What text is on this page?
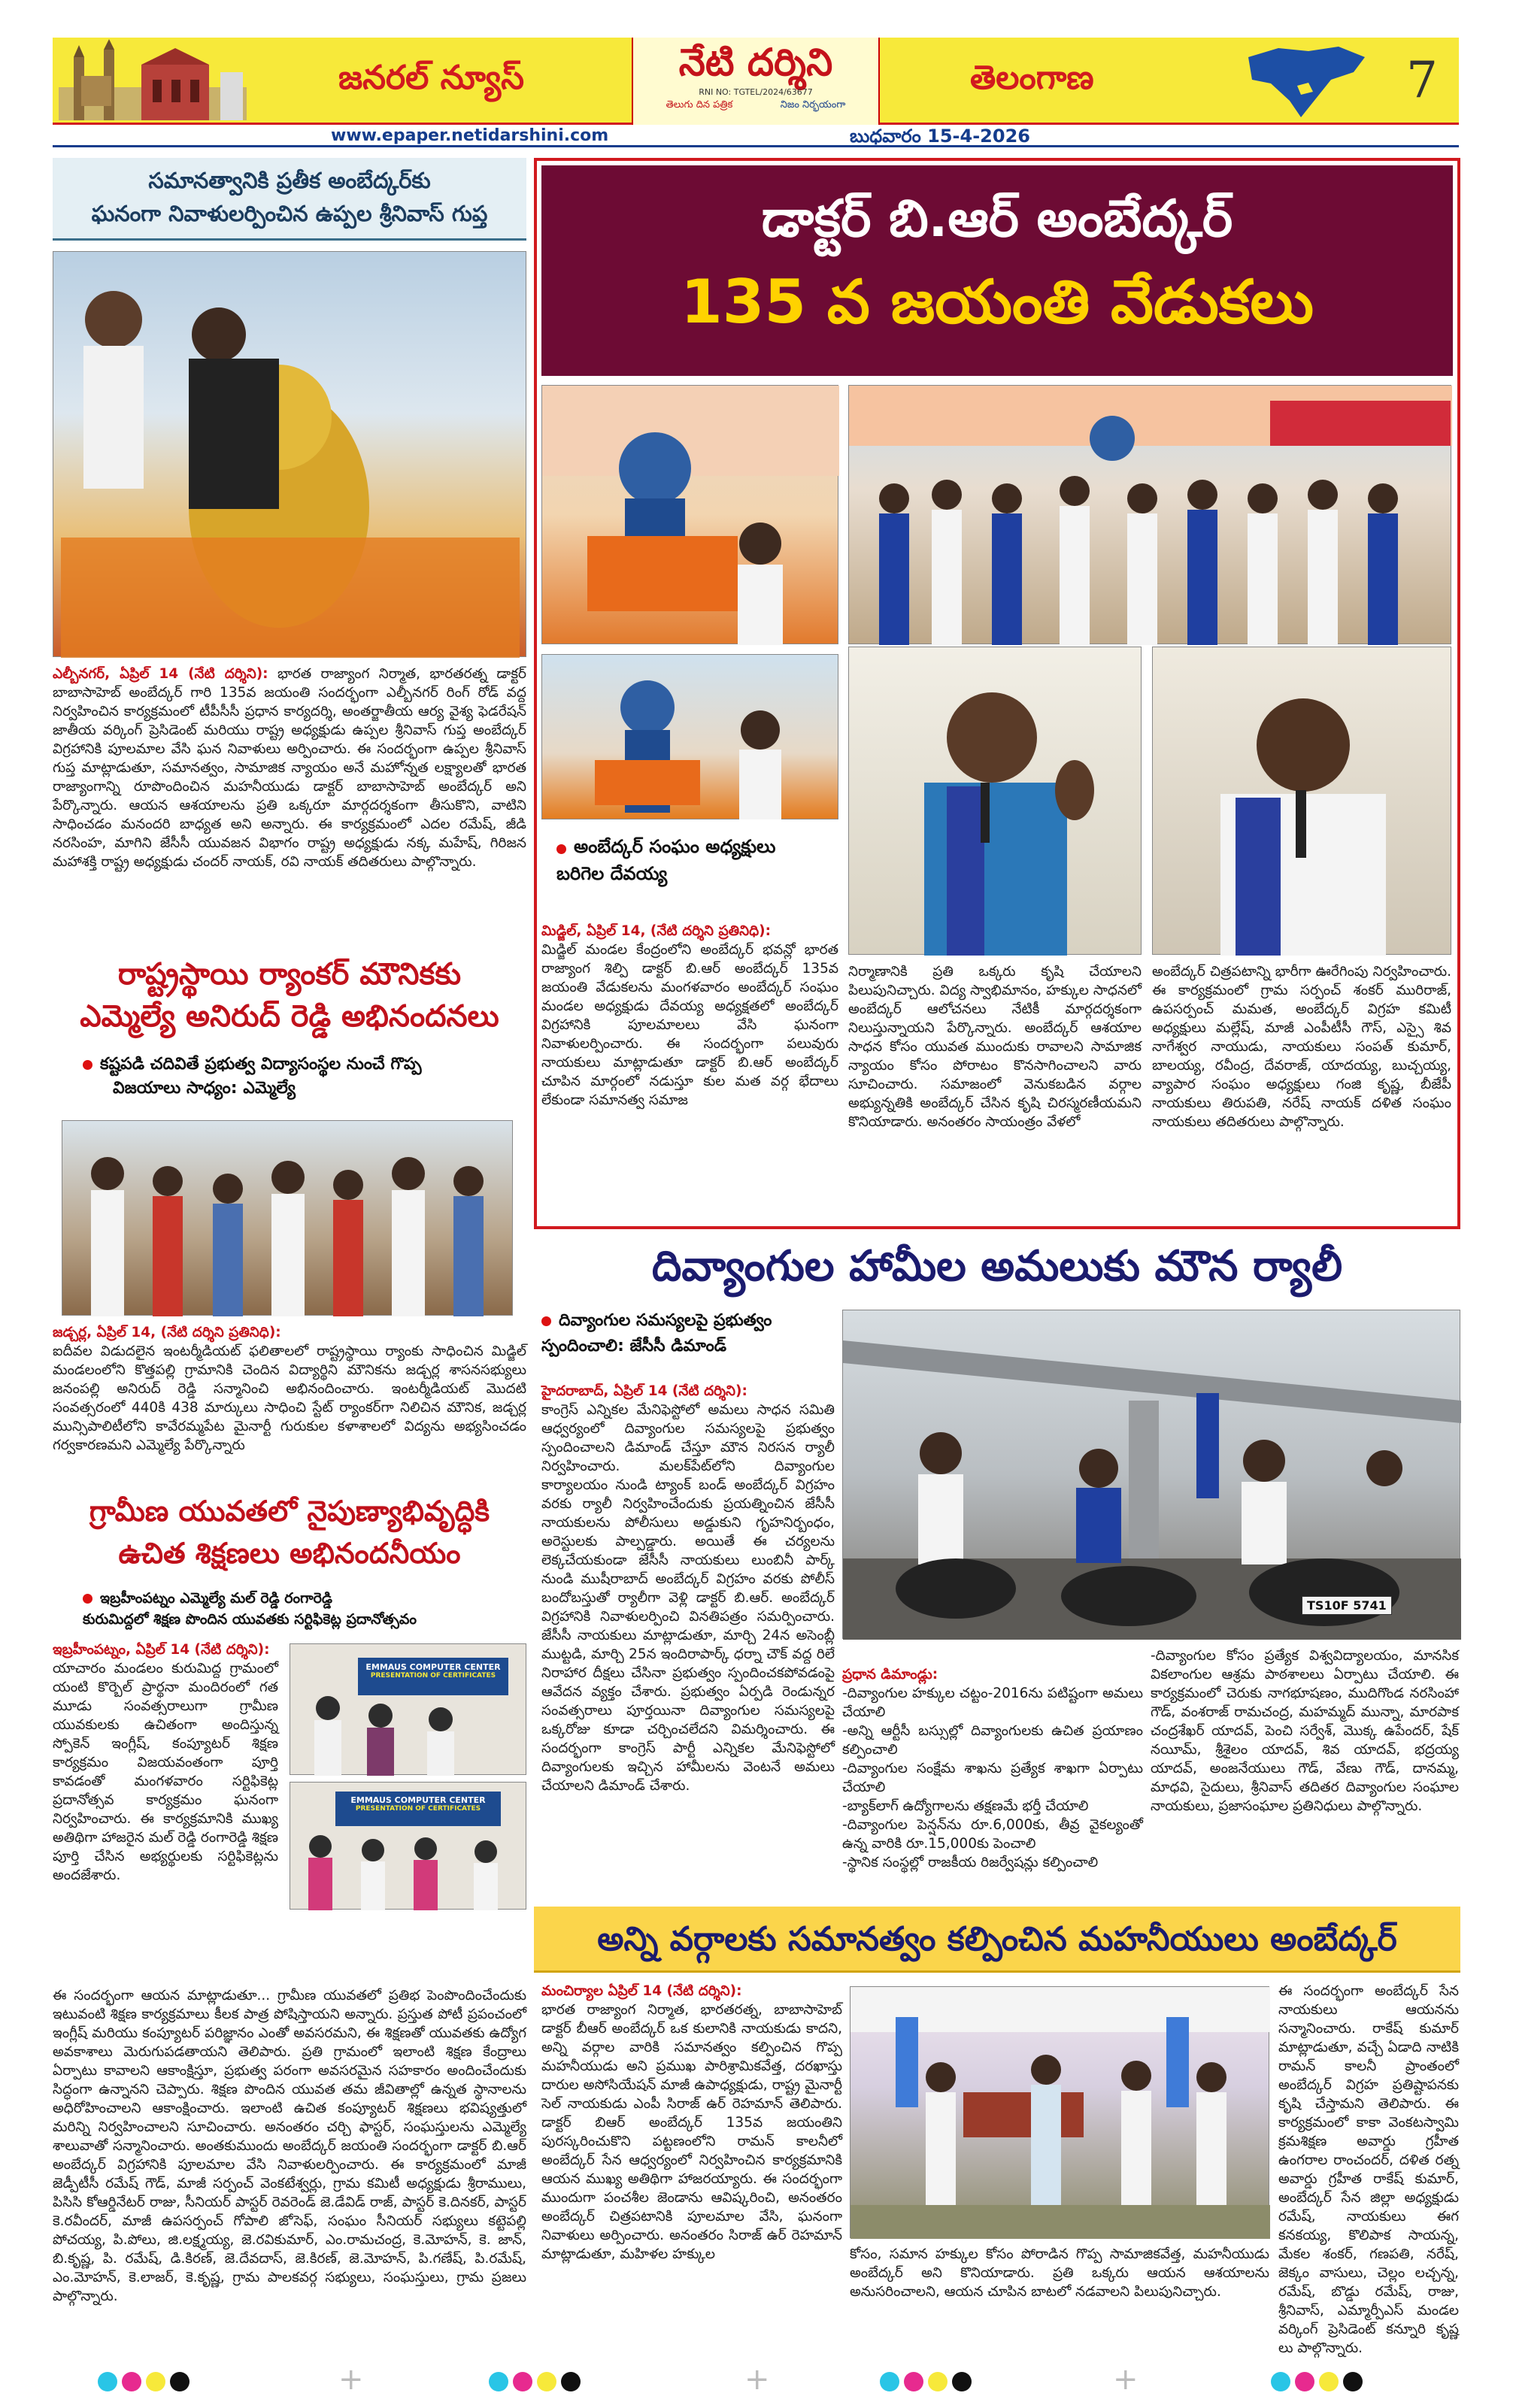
జనరల్ న్యూస్	నేటి దర్శిని
RNI NO: TGTEL/2024/63677
తెలుగు దిన పత్రిక	నిజం నిర్భయంగా
తెలంగాణ	7
www.epaper.netidarshini.com	బుధవారం 15-4-2026
సమానత్వానికి ప్రతీక అంబేద్కర్‌కు
ఘనంగా నివాళులర్పించిన ఉప్పల శ్రీనివాస్ గుప్త
ఎల్బీనగర్, ఏప్రిల్ 14 (నేటి దర్శిని): భారత రాజ్యాంగ నిర్మాత, భారతరత్న డాక్టర్ బాబాసాహెబ్ అంబేద్కర్ గారి 135వ జయంతి సందర్భంగా ఎల్బీనగర్ రింగ్ రోడ్ వద్ద నిర్వహించిన కార్యక్రమంలో టీపీసీసీ ప్రధాన కార్యదర్శి, అంతర్జాతీయ ఆర్య వైశ్య ఫెడరేషన్ జాతీయ వర్కింగ్ ప్రెసిడెంట్ మరియు రాష్ట్ర అధ్యక్షుడు ఉప్పల శ్రీనివాస్ గుప్త అంబేద్కర్ విగ్రహానికి పూలమాల వేసి ఘన నివాళులు అర్పించారు. ఈ సందర్భంగా ఉప్పల శ్రీనివాస్ గుప్త మాట్లాడుతూ, సమానత్వం, సామాజిక న్యాయం అనే మహోన్నత లక్ష్యాలతో భారత రాజ్యాంగాన్ని రూపొందించిన మహనీయుడు డాక్టర్ బాబాసాహెబ్ అంబేద్కర్ అని పేర్కొన్నారు. ఆయన ఆశయాలను ప్రతి ఒక్కరూ మార్గదర్శకంగా తీసుకొని, వాటిని సాధించడం మనందరి బాధ్యత అని అన్నారు. ఈ కార్యక్రమంలో ఎదల రమేష్, జీడి నరసింహ, మాగిని జేసీసీ యువజన విభాగం రాష్ట్ర అధ్యక్షుడు నక్క మహేష్, గిరిజన మహాశక్తి రాష్ట్ర అధ్యక్షుడు చందర్ నాయక్, రవి నాయక్ తదితరులు పాల్గొన్నారు.
రాష్ట్రస్థాయి ర్యాంకర్ మౌనికకు
ఎమ్మెల్యే అనిరుద్ రెడ్డి అభినందనలు
కష్టపడి చదివితే ప్రభుత్వ విద్యాసంస్థల నుంచే గొప్ప
విజయాలు సాధ్యం: ఎమ్మెల్యే
జడ్చర్ల, ఏప్రిల్ 14, (నేటి దర్శిని ప్రతినిధి):
ఐదీవల విడుదలైన ఇంటర్మీడియట్ ఫలితాలలో రాష్ట్రస్థాయి ర్యాంకు సాధించిన మిడ్జిల్ మండలంలోని కొత్తపల్లి గ్రామానికి చెందిన విద్యార్థిని మౌనికను జడ్చర్ల శాసనసభ్యులు జనంపల్లి అనిరుద్ రెడ్డి సన్మానించి అభినందించారు. ఇంటర్మీడియట్ మొదటి సంవత్సరంలో 440కి 438 మార్కులు సాధించి స్టేట్ ర్యాంకర్‌గా నిలిచిన మౌనిక, జడ్చర్ల మున్సిపాలిటీలోని కావేరమ్మపేట మైనార్టీ గురుకుల కళాశాలలో విద్యను అభ్యసించడం గర్వకారణమని ఎమ్మెల్యే పేర్కొన్నారు
గ్రామీణ యువతలో నైపుణ్యాభివృద్ధికి
ఉచిత శిక్షణలు అభినందనీయం
ఇబ్రహీంపట్నం ఎమ్మెల్యే మల్ రెడ్డి రంగారెడ్డి
కురుమిద్దలో శిక్షణ పొందిన యువతకు సర్టిఫికెట్ల ప్రదానోత్సవం
ఇబ్రహీంపట్నం, ఏప్రిల్ 14 (నేటి దర్శిని):
యాచారం మండలం కురుమిద్ద గ్రామంలో యంటి కొర్బెల్ ప్రార్థనా మందిరంలో గత మూడు సంవత్సరాలుగా గ్రామీణ యువకులకు ఉచితంగా అందిస్తున్న స్పోకెన్ ఇంగ్లీష్, కంప్యూటర్ శిక్షణ కార్యక్రమం విజయవంతంగా పూర్తి కావడంతో మంగళవారం సర్టిఫికెట్ల ప్రదానోత్సవ కార్యక్రమం ఘనంగా నిర్వహించారు. ఈ కార్యక్రమానికి ముఖ్య అతిథిగా హాజరైన మల్ రెడ్డి రంగారెడ్డి శిక్షణ పూర్తి చేసిన అభ్యర్థులకు సర్టిఫికెట్లను అందజేశారు.
EMMAUS COMPUTER CENTER
PRESENTATION OF CERTIFICATES
EMMAUS COMPUTER CENTER
PRESENTATION OF CERTIFICATES
ఈ సందర్భంగా ఆయన మాట్లాడుతూ... గ్రామీణ యువతలో ప్రతిభ పెంపొందించేందుకు ఇటువంటి శిక్షణ కార్యక్రమాలు కీలక పాత్ర పోషిస్తాయని అన్నారు. ప్రస్తుత పోటీ ప్రపంచంలో ఇంగ్లీష్ మరియు కంప్యూటర్ పరిజ్ఞానం ఎంతో అవసరమని, ఈ శిక్షణతో యువతకు ఉద్యోగ అవకాశాలు మెరుగుపడతాయని తెలిపారు. ప్రతి గ్రామంలో ఇలాంటి శిక్షణ కేంద్రాలు ఏర్పాటు కావాలని ఆకాంక్షిస్తూ, ప్రభుత్వ పరంగా అవసరమైన సహకారం అందించేందుకు సిద్ధంగా ఉన్నానని చెప్పారు. శిక్షణ పొందిన యువత తమ జీవితాల్లో ఉన్నత స్థానాలను అధిరోహించాలని ఆకాంక్షించారు. ఇలాంటి ఉచిత కంప్యూటర్ శిక్షణలు భవిష్యత్తులో మరిన్ని నిర్వహించాలని సూచించారు. అనంతరం చర్చి ఫాస్టర్, సంఘస్తులను ఎమ్మెల్యే శాలువాతో సన్మానించారు. అంతకుముందు అంబేద్కర్ జయంతి సందర్భంగా డాక్టర్ బి.ఆర్ అంబేద్కర్ విగ్రహానికి పూలమాల వేసి నివాళులర్పించారు. ఈ కార్యక్రమంలో మాజీ జెడ్పీటీసీ రమేష్ గౌడ్, మాజీ సర్పంచ్ వెంకటేశ్వర్లు, గ్రామ కమిటీ అధ్యక్షుడు శ్రీరాములు, పిసిసి కోఆర్డినేటర్ రాజు, సీనియర్ పాస్టర్ రెవరెండ్ జె.డేవిడ్ రాజ్, పాస్టర్ కె.దినకర్, పాస్టర్ కె.రవీందర్, మాజీ ఉపసర్పంచ్ గోపాలి జోసెఫ్, సంఘం సీనియర్ సభ్యులు కట్టెపల్లి పోచయ్య, పి.పోలు, జి.లక్ష్మయ్య, జె.రవికుమార్, ఎం.రామచంద్ర, కె.మోహన్, కె. జాన్, బి.కృష్ణ, పి. రమేష్, డి.కిరణ్, జె.దేవదాస్, జె.కిరణ్, జె.మోహన్, పి.గణేష్, పి.రమేష్, ఎం.మోహన్, కె.లాజర్, కె.కృష్ణ, గ్రామ పాలకవర్గ సభ్యులు, సంఘస్తులు, గ్రామ ప్రజలు పాల్గొన్నారు.
డాక్టర్ బి.ఆర్ అంబేద్కర్
135 వ జయంతి వేడుకలు
అంబేద్కర్ సంఘం అధ్యక్షులు బరిగెల దేవయ్య
మిడ్జిల్, ఏప్రిల్ 14, (నేటి దర్శిని ప్రతినిధి):
మిడ్జిల్ మండల కేంద్రంలోని అంబేద్కర్ భవన్లో భారత రాజ్యాంగ శిల్పి డాక్టర్ బి.ఆర్ అంబేద్కర్ 135వ జయంతి వేడుకలను మంగళవారం అంబేద్కర్ సంఘం మండల అధ్యక్షుడు దేవయ్య అధ్యక్షతలో అంబేద్కర్ విగ్రహానికి పూలమాలలు వేసి ఘనంగా నివాళులర్పించారు. ఈ సందర్భంగా పలువురు నాయకులు మాట్లాడుతూ డాక్టర్ బి.ఆర్ అంబేద్కర్ చూపిన మార్గంలో నడుస్తూ కుల మత వర్గ భేదాలు లేకుండా సమానత్వ సమాజ
నిర్మాణానికి ప్రతి ఒక్కరు కృషి చేయాలని పిలుపునిచ్చారు. విద్య స్వాభిమానం, హక్కుల సాధనలో అంబేద్కర్ ఆలోచనలు నేటికీ మార్గదర్శకంగా నిలుస్తున్నాయని పేర్కొన్నారు. అంబేద్కర్ ఆశయాల సాధన కోసం యువత ముందుకు రావాలని సామాజిక న్యాయం కోసం పోరాటం కొనసాగించాలని వారు సూచించారు. సమాజంలో వెనుకబడిన వర్గాల అభ్యున్నతికి అంబేద్కర్ చేసిన కృషి చిరస్మరణీయమని కొనియాడారు. అనంతరం సాయంత్రం వేళలో
అంబేద్కర్ చిత్రపటాన్ని భారీగా ఊరేగింపు నిర్వహించారు. ఈ కార్యక్రమంలో గ్రామ సర్పంచ్ శంకర్ మురిరాజ్, ఉపసర్పంచ్ మమత, అంబేద్కర్ విగ్రహ కమిటీ అధ్యక్షులు మల్లేష్, మాజీ ఎంపీటీసీ గౌస్, ఎస్సై శివ నాగేశ్వర నాయుడు, నాయకులు సంపత్ కుమార్, బాలయ్య, రవీంద్ర, దేవరాజ్, యాదయ్య, బుచ్చయ్య, వ్యాపార సంఘం అధ్యక్షులు గంజి కృష్ణ, బీజేపీ నాయకులు తిరుపతి, నరేష్ నాయక్ దళిత సంఘం నాయకులు తదితరులు పాల్గొన్నారు.
దివ్యాంగుల హామీల అమలుకు మౌన ర్యాలీ
దివ్యాంగుల సమస్యలపై ప్రభుత్వం
స్పందించాలి: జేసీసీ డిమాండ్
TS10F 5741
హైదరాబాద్, ఏప్రిల్ 14 (నేటి దర్శిని):
కాంగ్రెస్ ఎన్నికల మేనిఫెస్టోలో అమలు సాధన సమితి ఆధ్వర్యంలో దివ్యాంగుల సమస్యలపై ప్రభుత్వం స్పందించాలని డిమాండ్ చేస్తూ మౌన నిరసన ర్యాలీ నిర్వహించారు. మలక్‌పేట్‌లోని దివ్యాంగుల కార్యాలయం నుండి ట్యాంక్ బండ్ అంబేద్కర్ విగ్రహం వరకు ర్యాలీ నిర్వహించేందుకు ప్రయత్నించిన జేసీసీ నాయకులను పోలీసులు అడ్డుకుని గృహనిర్బంధం, అరెస్టులకు పాల్పడ్డారు. అయితే ఈ చర్యలను లెక్కచేయకుండా జేసీసీ నాయకులు లుంబినీ పార్క్ నుండి ముషీరాబాద్ అంబేద్కర్ విగ్రహం వరకు పోలీస్ బందోబస్తుతో ర్యాలీగా వెళ్లి డాక్టర్ బి.ఆర్. అంబేద్కర్ విగ్రహానికి నివాళులర్పించి వినతిపత్రం సమర్పించారు. జేసీసీ నాయకులు మాట్లాడుతూ, మార్చి 24న అసెంబ్లీ ముట్టడి, మార్చి 25న ఇందిరాపార్క్ ధర్నా చౌక్ వద్ద రిలే నిరాహార దీక్షలు చేసినా ప్రభుత్వం స్పందించకపోవడంపై ఆవేదన వ్యక్తం చేశారు. ప్రభుత్వం ఏర్పడి రెండున్నర సంవత్సరాలు పూర్తయినా దివ్యాంగుల సమస్యలపై ఒక్కరోజు కూడా చర్చించలేదని విమర్శించారు. ఈ సందర్భంగా కాంగ్రెస్ పార్టీ ఎన్నికల మేనిఫెస్టోలో దివ్యాంగులకు ఇచ్చిన హామీలను వెంటనే అమలు చేయాలని డిమాండ్ చేశారు.

ప్రధాన డిమాండ్లు:
-దివ్యాంగుల హక్కుల చట్టం-2016ను పటిష్టంగా అమలు చేయాలి
-అన్ని ఆర్టీసీ బస్సుల్లో దివ్యాంగులకు ఉచిత ప్రయాణం కల్పించాలి
-దివ్యాంగుల సంక్షేమ శాఖను ప్రత్యేక శాఖగా ఏర్పాటు చేయాలి
-బ్యాక్‌లాగ్ ఉద్యోగాలను తక్షణమే భర్తీ చేయాలి
-దివ్యాంగుల పెన్షన్‌ను రూ.6,000కు, తీవ్ర వైకల్యంతో ఉన్న వారికి రూ.15,000కు పెంచాలి
-స్థానిక సంస్థల్లో రాజకీయ రిజర్వేషన్లు కల్పించాలి

-దివ్యాంగుల కోసం ప్రత్యేక విశ్వవిద్యాలయం, మానసిక వికలాంగుల ఆశ్రమ పాఠశాలలు ఏర్పాటు చేయాలి. ఈ కార్యక్రమంలో చెరుకు నాగభూషణం, ముదిగొండ నరసింహా గౌడ్, వంశరాజ్ రామచంద్ర, మహమ్మద్ మున్నా, మారపాక చంద్రశేఖర్ యాదవ్, పెంచి సర్వేశ్, మొక్క ఉపేందర్, షేక్ నయీమ్, శ్రీశైలం యాదవ్, శివ యాదవ్, భద్రయ్య యాదవ్, అంజనేయులు గౌడ్, వేణు గౌడ్, దానమ్మ, మాధవి, సైదులు, శ్రీనివాస్ తదితర దివ్యాంగుల సంఘాల నాయకులు, ప్రజాసంఘాల ప్రతినిధులు పాల్గొన్నారు.
అన్ని వర్గాలకు సమానత్వం కల్పించిన మహనీయులు అంబేద్కర్
మంచిర్యాల ఏప్రిల్ 14 (నేటి దర్శిని):
భారత రాజ్యాంగ నిర్మాత, భారతరత్న, బాబాసాహెబ్ డాక్టర్ బీఆర్ అంబేద్కర్ ఒక కులానికి నాయకుడు కాదని, అన్ని వర్గాల వారికి సమానత్వం కల్పించిన గొప్ప మహనీయుడు అని ప్రముఖ పారిశ్రామికవేత్త, దరఖాస్తు దారుల అసోసియేషన్ మాజీ ఉపాధ్యక్షుడు, రాష్ట్ర మైనార్టీ సెల్ నాయకుడు ఎంపీ సిరాజ్ ఉర్ రెహమాన్ తెలిపారు. డాక్టర్ బిఆర్ అంబేద్కర్ 135వ జయంతిని పురస్కరించుకొని పట్టణంలోని రామన్ కాలనీలో అంబేద్కర్ సేన ఆధ్వర్యంలో నిర్వహించిన కార్యక్రమానికి ఆయన ముఖ్య అతిథిగా హాజరయ్యారు. ఈ సందర్భంగా ముందుగా పంచశీల జెండాను ఆవిష్కరించి, అనంతరం అంబేద్కర్ చిత్రపటానికి పూలమాల వేసి, ఘనంగా నివాళులు అర్పించారు. అనంతరం సిరాజ్ ఉర్ రెహమాన్ మాట్లాడుతూ, మహిళల హక్కుల	కోసం, సమాన హక్కుల కోసం పోరాడిన గొప్ప సామాజికవేత్త, మహనీయుడు అంబేద్కర్ అని కొనియాడారు. ప్రతి ఒక్కరు ఆయన ఆశయాలను అనుసరించాలని, ఆయన చూపిన బాటలో నడవాలని పిలుపునిచ్చారు.
ఈ సందర్భంగా అంబేద్కర్ సేన నాయకులు ఆయనను సన్మానించారు. రాకేష్ కుమార్ మాట్లాడుతూ, వచ్చే ఏడాది నాటికి రామన్ కాలనీ ప్రాంతంలో అంబేద్కర్ విగ్రహ ప్రతిష్టాపనకు కృషి చేస్తామని తెలిపారు. ఈ కార్యక్రమంలో కాకా వెంకటస్వామి క్రమశిక్షణ అవార్డు గ్రహీత ఉంగరాల రాంచందర్, దళిత రత్న అవార్డు గ్రహీత రాకేష్ కుమార్, అంబేద్కర్ సేన జిల్లా అధ్యక్షుడు రమేష్, నాయకులు ఈగ కనకయ్య, కొలిపాక సాయన్న, మేకల శంకర్, గణపతి, నరేష్, జెక్కం వాసులు, చెల్లం లచ్చన్న, రమేష్, బొడ్డు రమేష్, రాజు, శ్రీనివాస్, ఎమ్మార్పీఎస్ మండల వర్కింగ్ ప్రెసిడెంట్ కన్నూరి కృష్ణ లు పాల్గొన్నారు.
+	+	+
